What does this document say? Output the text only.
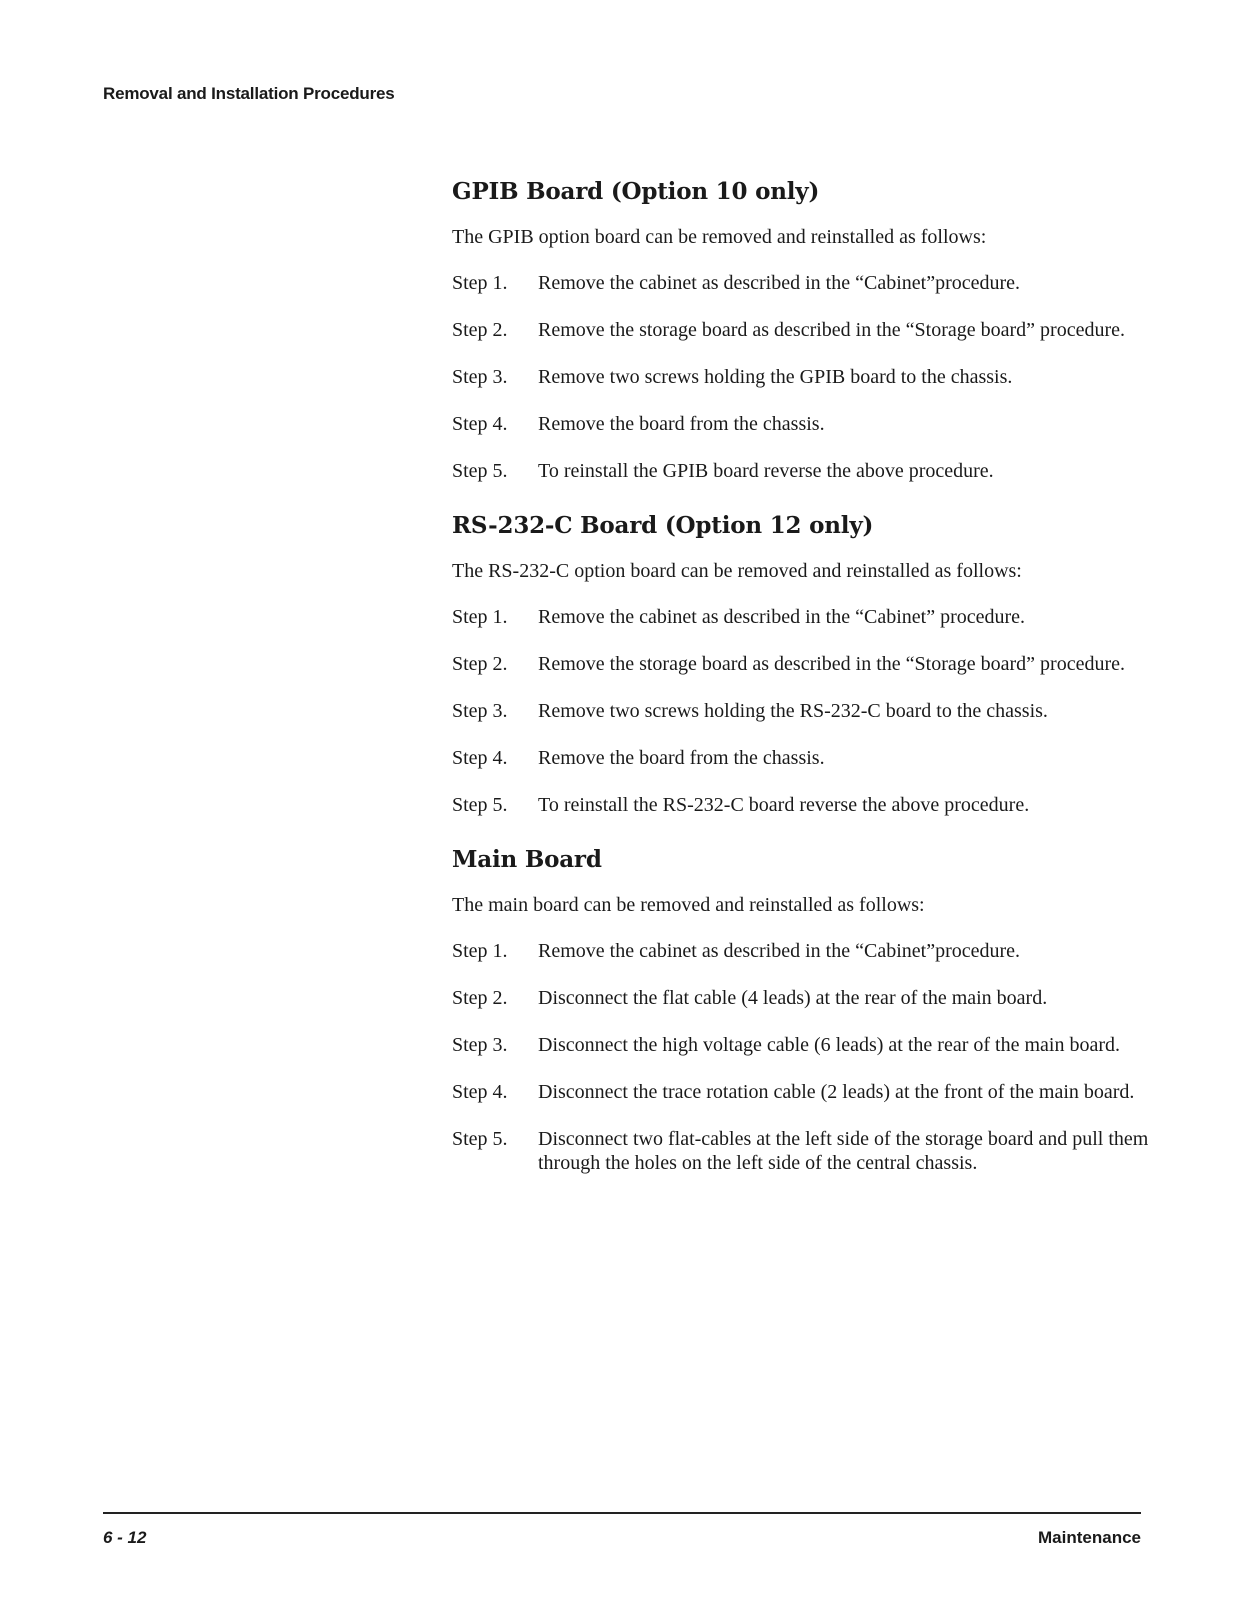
Removal and Installation Procedures
GPIB Board (Option 10 only)

The GPIB option board can be removed and reinstalled as follows:

Step 1.	Remove the cabinet as described in the “Cabinet”procedure.
Step 2.	Remove the storage board as described in the “Storage board” procedure.
Step 3.	Remove two screws holding the GPIB board to the chassis.
Step 4.	Remove the board from the chassis.
Step 5.	To reinstall the GPIB board reverse the above procedure.
RS-232-C Board (Option 12 only)

The RS-232-C option board can be removed and reinstalled as follows:

Step 1.	Remove the cabinet as described in the “Cabinet” procedure.
Step 2.	Remove the storage board as described in the “Storage board” procedure.
Step 3.	Remove two screws holding the RS-232-C board to the chassis.
Step 4.	Remove the board from the chassis.
Step 5.	To reinstall the RS-232-C board reverse the above procedure.
Main Board

The main board can be removed and reinstalled as follows:

Step 1.	Remove the cabinet as described in the “Cabinet”procedure.
Step 2.	Disconnect the flat cable (4 leads) at the rear of the main board.
Step 3.	Disconnect the high voltage cable (6 leads) at the rear of the main board.
Step 4.	Disconnect the trace rotation cable (2 leads) at the front of the main board.
Step 5.	Disconnect two flat-cables at the left side of the storage board and pull them through the holes on the left side of the central chassis.
6 - 12	Maintenance
